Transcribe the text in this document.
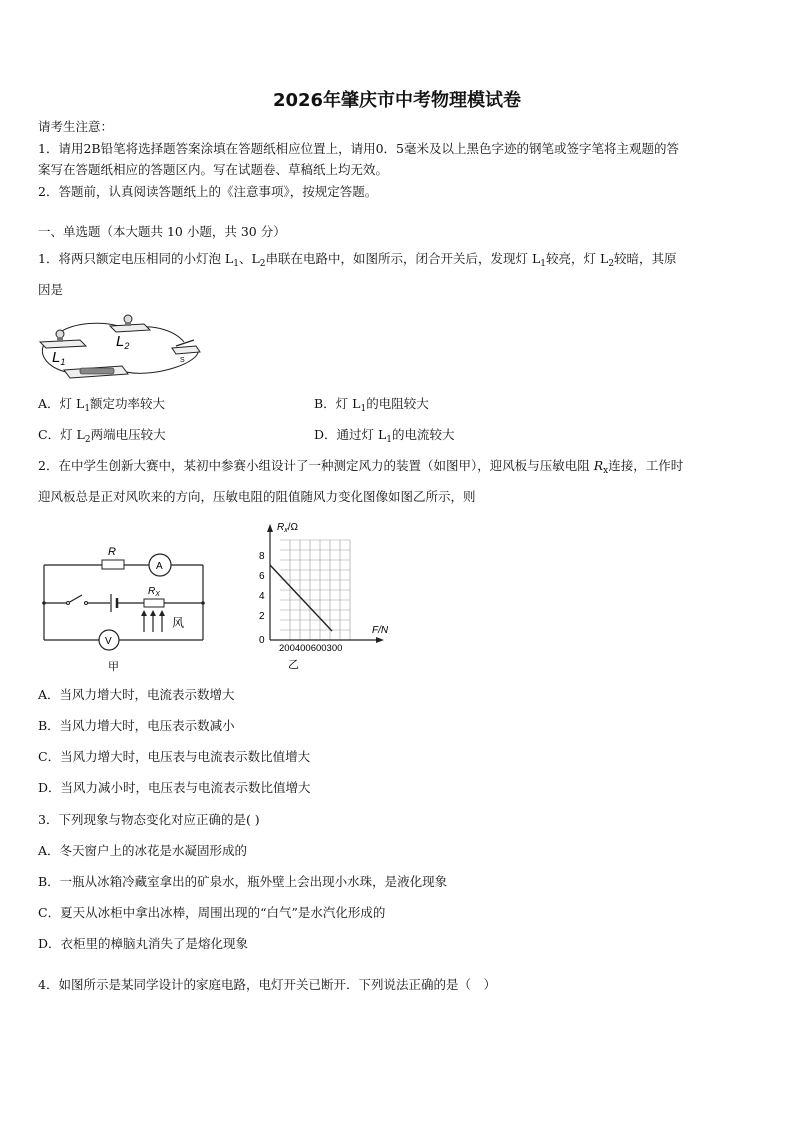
2026年肇庆市中考物理模试卷
请考生注意：
1．请用2B铅笔将选择题答案涂填在答题纸相应位置上，请用0．5毫米及以上黑色字迹的钢笔或签字笔将主观题的答
案写在答题纸相应的答题区内。写在试题卷、草稿纸上均无效。
2．答题前，认真阅读答题纸上的《注意事项》，按规定答题。
一、单选题（本大题共 10 小题，共 30 分）
1．将两只额定电压相同的小灯泡 $L_1$、$L_2$串联在电路中，如图所示，闭合开关后，发现灯 $L_1$较亮，灯 $L_2$较暗，其原
因是
$L_1$
$L_2$
S
A．灯 $L_1$额定功率较大	B．灯 $L_1$的电阻较大
C．灯 $L_2$两端电压较大	D．通过灯 $L_1$的电流较大
2．在中学生创新大赛中，某初中参赛小组设计了一种测定风力的装置（如图甲），迎风板与压敏电阻 $R_x$连接，工作时
迎风板总是正对风吹来的方向，压敏电阻的阻值随风力变化图像如图乙所示，则
R
$R_X$
A
V
风
甲
$R_x/\Omega$
F/N
8
6
4
2
0
200400600300
乙
A．当风力增大时，电流表示数增大
B．当风力增大时，电压表示数减小
C．当风力增大时，电压表与电流表示数比值增大
D．当风力减小时，电压表与电流表示数比值增大
3．下列现象与物态变化对应正确的是( )
A．冬天窗户上的冰花是水凝固形成的
B．一瓶从冰箱冷藏室拿出的矿泉水，瓶外壁上会出现小水珠，是液化现象
C．夏天从冰柜中拿出冰棒，周围出现的“白气”是水汽化形成的
D．衣柜里的樟脑丸消失了是熔化现象
4．如图所示是某同学设计的家庭电路，电灯开关已断开．下列说法正确的是（　）
